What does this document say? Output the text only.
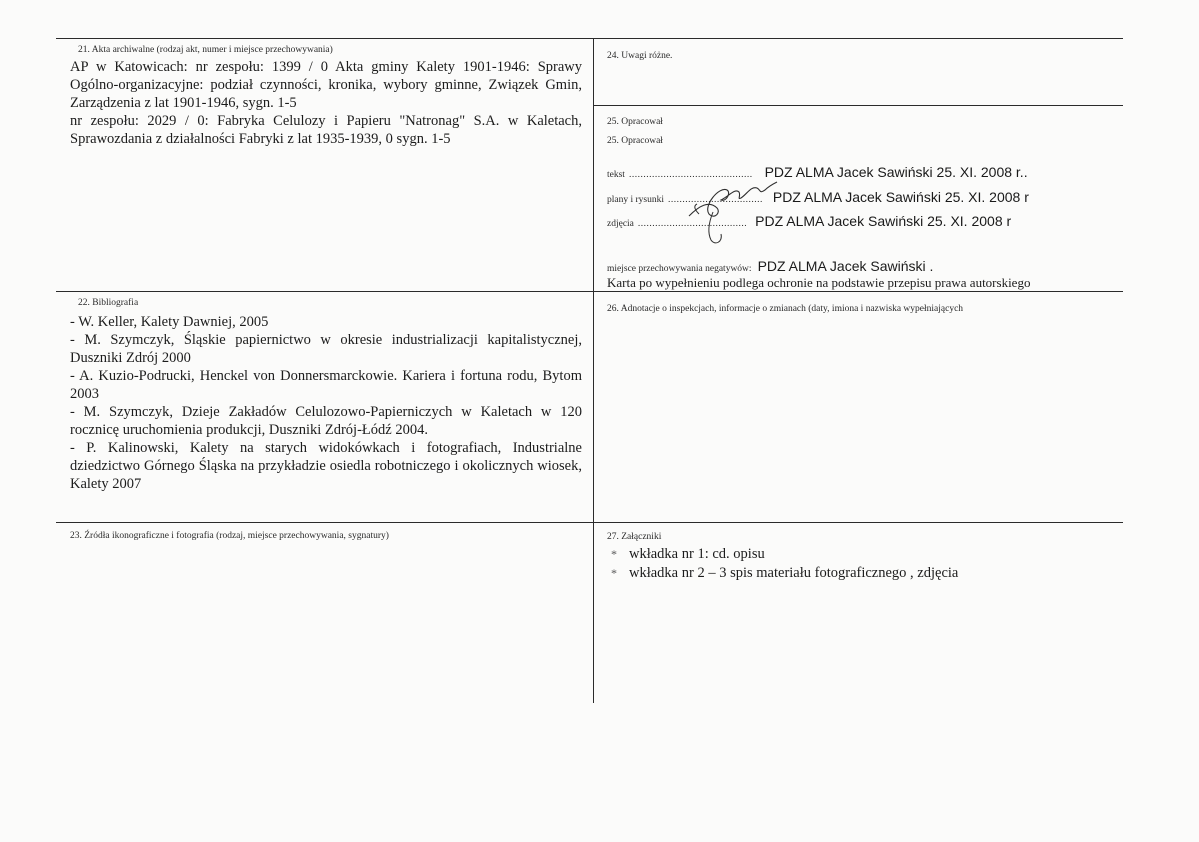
21. Akta archiwalne (rodzaj akt, numer i miejsce przechowywania)

AP w Katowicach: nr zespołu: 1399 / 0 Akta gminy Kalety 1901-1946: Sprawy Ogólno-organizacyjne: podział czynności, kronika, wybory gminne, Związek Gmin, Zarządzenia z lat 1901-1946, sygn. 1-5

nr zespołu: 2029 / 0: Fabryka Celulozy i Papieru "Natronag" S.A. w Kaletach, Sprawozdania z działalności Fabryki z lat 1935-1939, 0 sygn. 1-5

24. Uwagi różne.
25. Opracował
25. Opracował
tekst ........................................... PDZ ALMA Jacek Sawiński 25. XI. 2008 r..
plany i rysunki ................................. PDZ ALMA Jacek Sawiński 25. XI. 2008 r
zdjęcia ...................................... PDZ ALMA Jacek Sawiński 25. XI. 2008 r
miejsce przechowywania negatywów: PDZ ALMA Jacek Sawiński .
Karta po wypełnieniu podlega ochronie na podstawie przepisu prawa autorskiego
22. Bibliografia

- W. Keller, Kalety Dawniej, 2005

- M. Szymczyk, Śląskie papiernictwo w okresie industrializacji kapitalistycznej, Duszniki Zdrój 2000

- A. Kuzio-Podrucki, Henckel von Donnersmarckowie. Kariera i fortuna rodu, Bytom 2003

- M. Szymczyk, Dzieje Zakładów Celulozowo-Papierniczych w Kaletach w 120 rocznicę uruchomienia produkcji, Duszniki Zdrój-Łódź 2004.

- P. Kalinowski, Kalety na starych widokówkach i fotografiach, Industrialne dziedzictwo Górnego Śląska na przykładzie osiedla robotniczego i okolicznych wiosek, Kalety 2007

26. Adnotacje o inspekcjach, informacje o zmianach (daty, imiona i nazwiska wypełniających
23. Źródła ikonograficzne i fotografia (rodzaj, miejsce przechowywania, sygnatury)	27. Załączniki
* wkładka nr 1: cd. opisu
* wkładka nr 2 – 3 spis materiału fotograficznego , zdjęcia
